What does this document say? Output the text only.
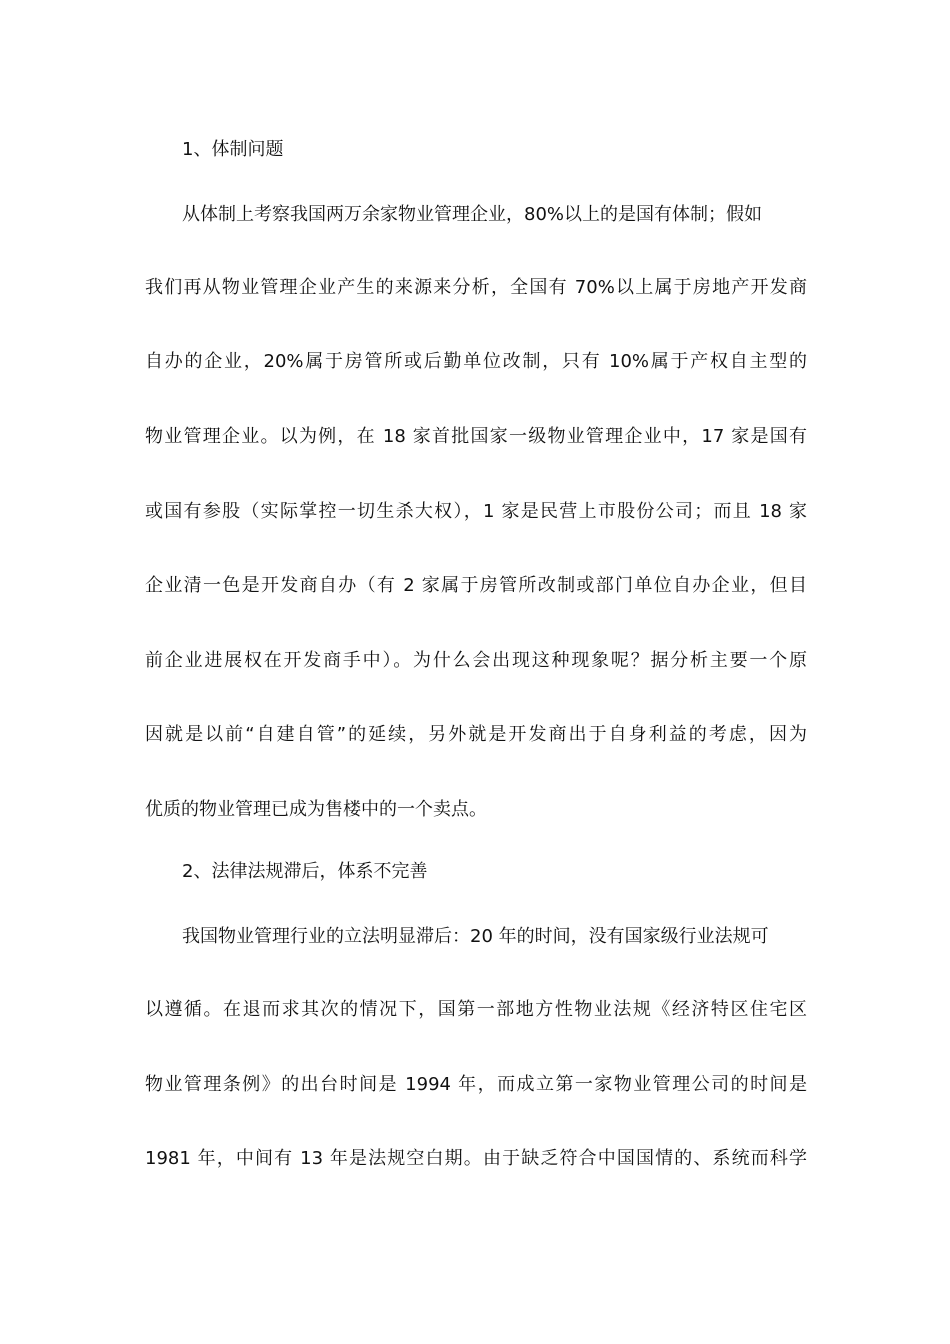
1、体制问题
从体制上考察我国两万余家物业管理企业，80%以上的是国有体制；假如
我们再从物业管理企业产生的来源来分析，全国有 70%以上属于房地产开发商
自办的企业，20%属于房管所或后勤单位改制，只有 10%属于产权自主型的
物业管理企业。以为例，在 18 家首批国家一级物业管理企业中，17 家是国有
或国有参股（实际掌控一切生杀大权），1 家是民营上市股份公司；而且 18 家
企业清一色是开发商自办（有 2 家属于房管所改制或部门单位自办企业，但目
前企业进展权在开发商手中）。为什么会出现这种现象呢？据分析主要一个原
因就是以前“自建自管”的延续，另外就是开发商出于自身利益的考虑，因为
优质的物业管理已成为售楼中的一个卖点。
2、法律法规滞后，体系不完善
我国物业管理行业的立法明显滞后：20 年的时间，没有国家级行业法规可
以遵循。在退而求其次的情况下，国第一部地方性物业法规《经济特区住宅区
物业管理条例》的出台时间是 1994 年，而成立第一家物业管理公司的时间是
1981 年，中间有 13 年是法规空白期。由于缺乏符合中国国情的、系统而科学
